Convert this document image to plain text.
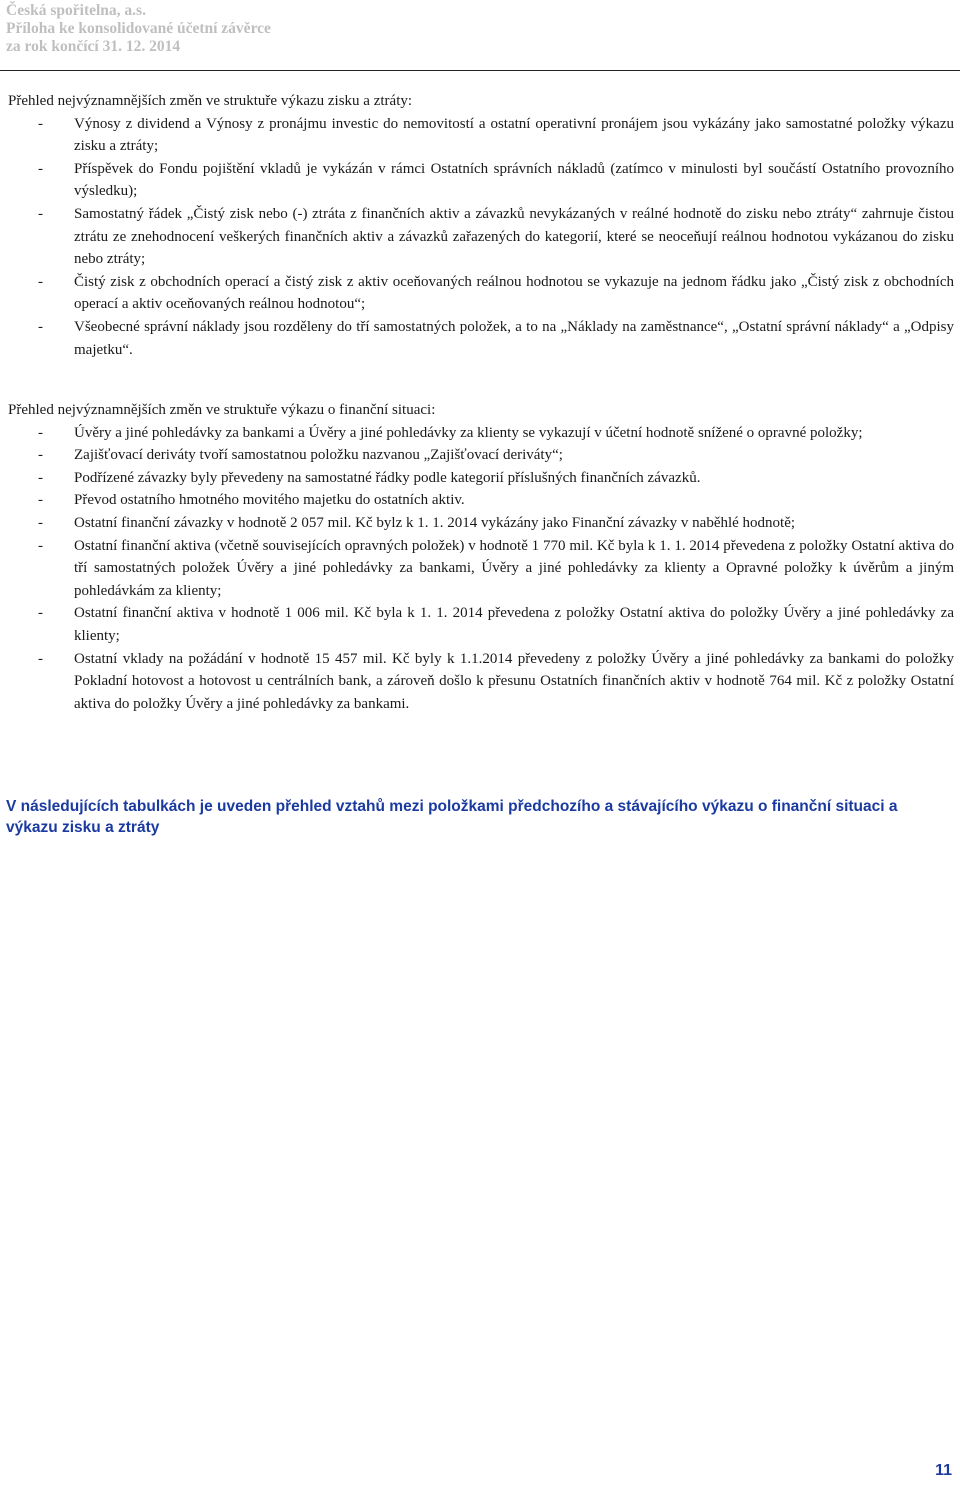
Česká spořitelna, a.s.
Příloha ke konsolidované účetní závěrce
za rok končící 31. 12. 2014
Přehled nejvýznamnějších změn ve struktuře výkazu zisku a ztráty:
- Výnosy z dividend a Výnosy z pronájmu investic do nemovitostí a ostatní operativní pronájem jsou vykázány jako samostatné položky výkazu zisku a ztráty;
- Příspěvek do Fondu pojištění vkladů je vykázán v rámci Ostatních správních nákladů (zatímco v minulosti byl součástí Ostatního provozního výsledku);
- Samostatný řádek „Čistý zisk nebo (-) ztráta z finančních aktiv a závazků nevykázaných v reálné hodnotě do zisku nebo ztráty“ zahrnuje čistou ztrátu ze znehodnocení veškerých finančních aktiv a závazků zařazených do kategorií, které se neoceňují reálnou hodnotou vykázanou do zisku nebo ztráty;
- Čistý zisk z obchodních operací a čistý zisk z aktiv oceňovaných reálnou hodnotou se vykazuje na jednom řádku jako „Čistý zisk z obchodních operací a aktiv oceňovaných reálnou hodnotou“;
- Všeobecné správní náklady jsou rozděleny do tří samostatných položek, a to na „Náklady na zaměstnance“, „Ostatní správní náklady“ a „Odpisy majetku“.
Přehled nejvýznamnějších změn ve struktuře výkazu o finanční situaci:
- Úvěry a jiné pohledávky za bankami a Úvěry a jiné pohledávky za klienty se vykazují v účetní hodnotě snížené o opravné položky;
- Zajišťovací deriváty tvoří samostatnou položku nazvanou „Zajišťovací deriváty“;
- Podřízené závazky byly převedeny na samostatné řádky podle kategorií příslušných finančních závazků.
- Převod ostatního hmotného movitého majetku do ostatních aktiv.
- Ostatní finanční závazky v hodnotě 2 057 mil. Kč bylz k 1. 1. 2014 vykázány jako Finanční závazky v naběhlé hodnotě;
- Ostatní finanční aktiva (včetně souvisejících opravných položek) v hodnotě 1 770 mil. Kč byla k 1. 1. 2014 převedena z položky Ostatní aktiva do tří samostatných položek Úvěry a jiné pohledávky za bankami, Úvěry a jiné pohledávky za klienty a Opravné položky k úvěrům a jiným pohledávkám za klienty;
- Ostatní finanční aktiva v hodnotě 1 006 mil. Kč byla k 1. 1. 2014 převedena z položky Ostatní aktiva do položky Úvěry a jiné pohledávky za klienty;
- Ostatní vklady na požádání v hodnotě 15 457 mil. Kč byly k 1.1.2014 převedeny z položky Úvěry a jiné pohledávky za bankami do položky Pokladní hotovost a hotovost u centrálních bank, a zároveň došlo k přesunu Ostatních finančních aktiv v hodnotě 764 mil. Kč z položky Ostatní aktiva do položky Úvěry a jiné pohledávky za bankami.
V následujících tabulkách je uveden přehled vztahů mezi položkami předchozího a stávajícího výkazu o finanční situaci a výkazu zisku a ztráty
11
